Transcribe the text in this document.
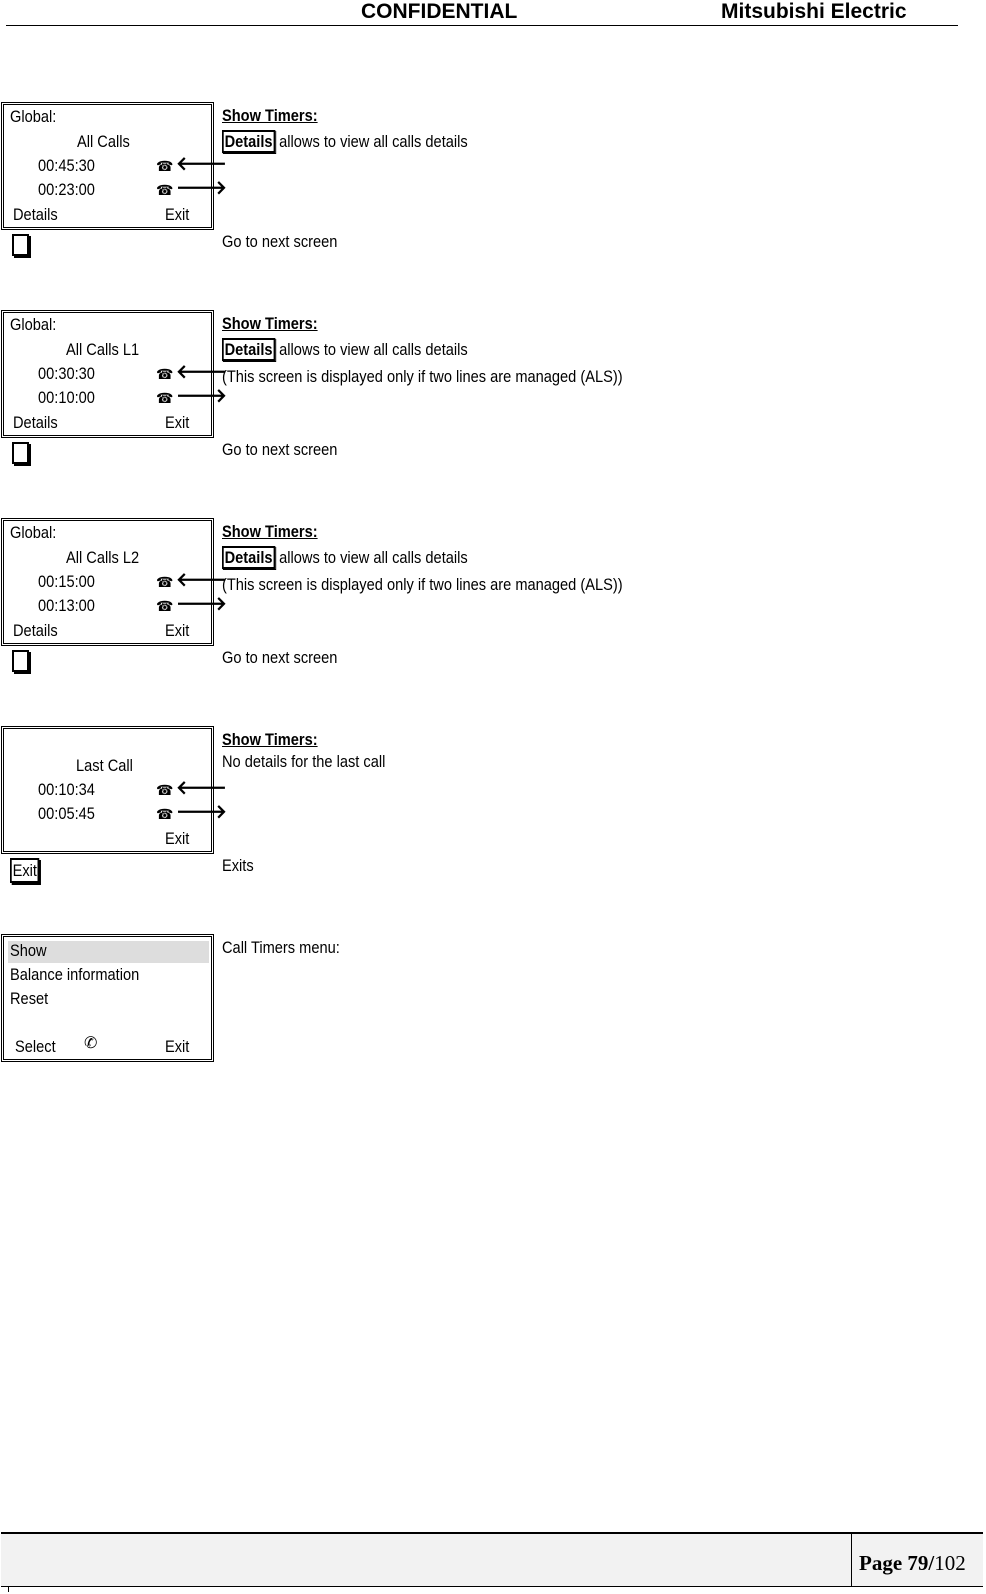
CONFIDENTIAL	Mitsubishi Electric
Global:
All Calls
00:45:30	☎ 🡐
00:23:00	☎ 🡒
Details	Exit
Show Timers:
Details allows to view all calls details
Go to next screen
Global:
All Calls L1
00:30:30	☎ 🡐
00:10:00	☎ 🡒
Details	Exit
Show Timers:
Details allows to view all calls details
(This screen is displayed only if two lines are managed (ALS))
Go to next screen
Global:
All Calls L2
00:15:00	☎ 🡐
00:13:00	☎ 🡒
Details	Exit
Show Timers:
Details allows to view all calls details
(This screen is displayed only if two lines are managed (ALS))
Go to next screen
Last Call
00:10:34	☎ 🡐
00:05:45	☎ 🡒
Exit
Show Timers:
No details for the last call
Exit	Exits
Show
Balance information
Reset
Select ✆	Exit
Call Timers menu:
Page 79/102
